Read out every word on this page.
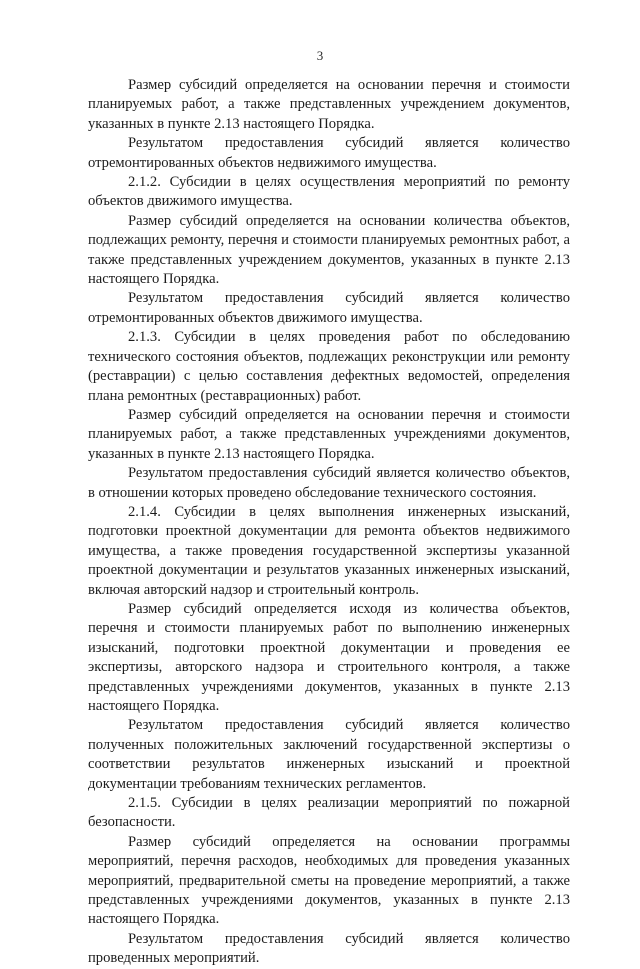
3

Размер субсидий определяется на основании перечня и стоимости планируемых работ, а также представленных учреждением документов, указанных в пункте 2.13 настоящего Порядка.

Результатом предоставления субсидий является количество отремонтированных объектов недвижимого имущества.

2.1.2. Субсидии в целях осуществления мероприятий по ремонту объектов движимого имущества.

Размер субсидий определяется на основании количества объектов, подлежащих ремонту, перечня и стоимости планируемых ремонтных работ, а также представленных учреждением документов, указанных в пункте 2.13 настоящего Порядка.

Результатом предоставления субсидий является количество отремонтированных объектов движимого имущества.

2.1.3. Субсидии в целях проведения работ по обследованию технического состояния объектов, подлежащих реконструкции или ремонту (реставрации) с целью составления дефектных ведомостей, определения плана ремонтных (реставрационных) работ.

Размер субсидий определяется на основании перечня и стоимости планируемых работ, а также представленных учреждениями документов, указанных в пункте 2.13 настоящего Порядка.

Результатом предоставления субсидий является количество объектов, в отношении которых проведено обследование технического состояния.

2.1.4. Субсидии в целях выполнения инженерных изысканий, подготовки проектной документации для ремонта объектов недвижимого имущества, а также проведения государственной экспертизы указанной проектной документации и результатов указанных инженерных изысканий, включая авторский надзор и строительный контроль.

Размер субсидий определяется исходя из количества объектов, перечня и стоимости планируемых работ по выполнению инженерных изысканий, подготовки проектной документации и проведения ее экспертизы, авторского надзора и строительного контроля, а также представленных учреждениями документов, указанных в пункте 2.13 настоящего Порядка.

Результатом предоставления субсидий является количество полученных положительных заключений государственной экспертизы о соответствии результатов инженерных изысканий и проектной документации требованиям технических регламентов.

2.1.5. Субсидии в целях реализации мероприятий по пожарной безопасности.

Размер субсидий определяется на основании программы мероприятий, перечня расходов, необходимых для проведения указанных мероприятий, предварительной сметы на проведение мероприятий, а также представленных учреждениями документов, указанных в пункте 2.13 настоящего Порядка.

Результатом предоставления субсидий является количество проведенных мероприятий.
